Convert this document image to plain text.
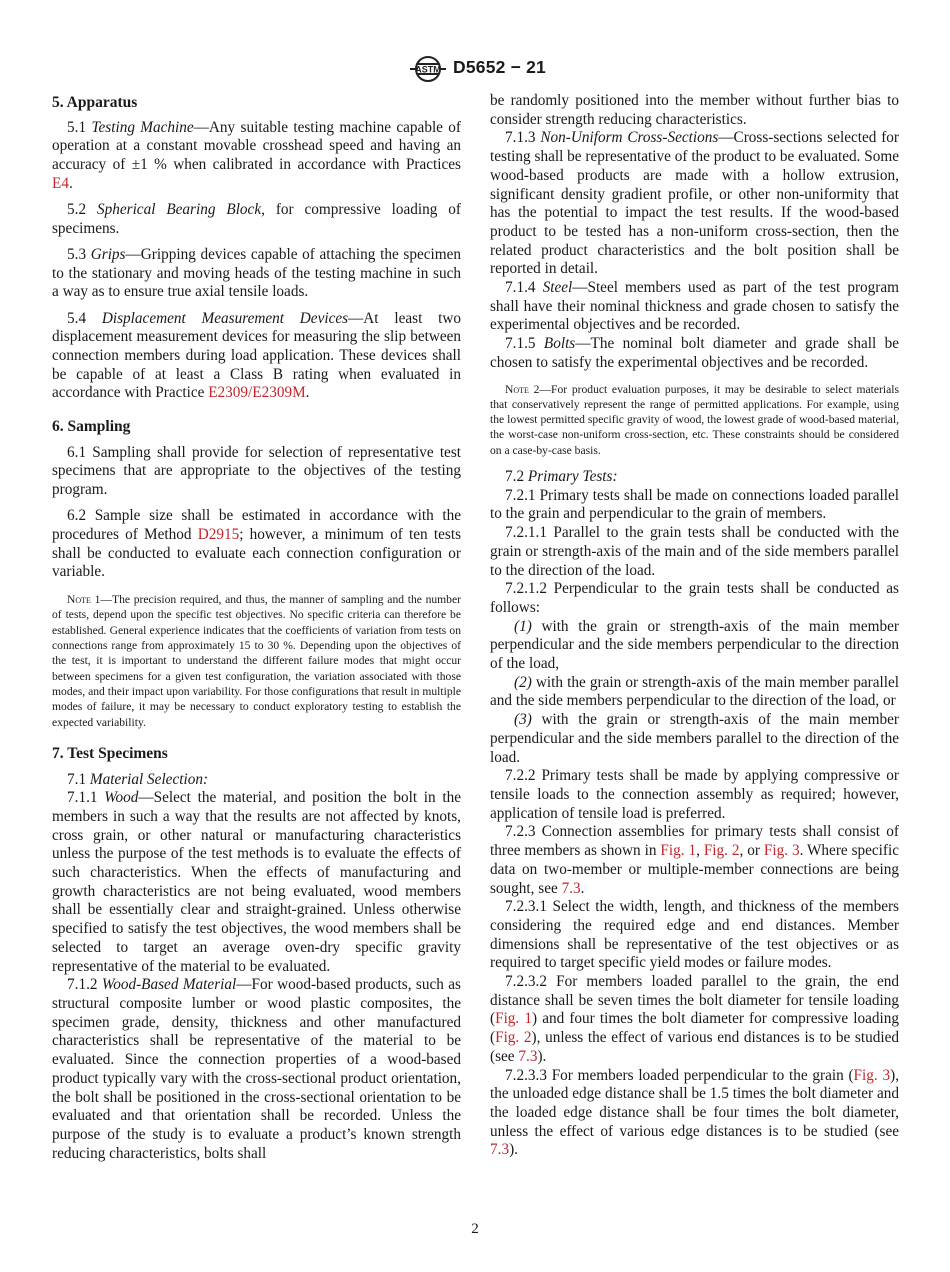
ASTM D5652 − 21
5. Apparatus

5.1 Testing Machine—Any suitable testing machine capable of operation at a constant movable crosshead speed and having an accuracy of ±1 % when calibrated in accordance with Practices E4.

5.2 Spherical Bearing Block, for compressive loading of specimens.

5.3 Grips—Gripping devices capable of attaching the specimen to the stationary and moving heads of the testing machine in such a way as to ensure true axial tensile loads.

5.4 Displacement Measurement Devices—At least two displacement measurement devices for measuring the slip between connection members during load application. These devices shall be capable of at least a Class B rating when evaluated in accordance with Practice E2309/E2309M.

6. Sampling

6.1 Sampling shall provide for selection of representative test specimens that are appropriate to the objectives of the testing program.

6.2 Sample size shall be estimated in accordance with the procedures of Method D2915; however, a minimum of ten tests shall be conducted to evaluate each connection configuration or variable.

Note 1—The precision required, and thus, the manner of sampling and the number of tests, depend upon the specific test objectives. No specific criteria can therefore be established. General experience indicates that the coefficients of variation from tests on connections range from approximately 15 to 30 %. Depending upon the objectives of the test, it is important to understand the different failure modes that might occur between specimens for a given test configuration, the variation associated with those modes, and their impact upon variability. For those configurations that result in multiple modes of failure, it may be necessary to conduct exploratory testing to establish the expected variability.

7. Test Specimens

7.1 Material Selection:

7.1.1 Wood—Select the material, and position the bolt in the members in such a way that the results are not affected by knots, cross grain, or other natural or manufacturing characteristics unless the purpose of the test methods is to evaluate the effects of such characteristics. When the effects of manufacturing and growth characteristics are not being evaluated, wood members shall be essentially clear and straight-grained. Unless otherwise specified to satisfy the test objectives, the wood members shall be selected to target an average oven-dry specific gravity representative of the material to be evaluated.

7.1.2 Wood-Based Material—For wood-based products, such as structural composite lumber or wood plastic composites, the specimen grade, density, thickness and other manufactured characteristics shall be representative of the material to be evaluated. Since the connection properties of a wood-based product typically vary with the cross-sectional product orientation, the bolt shall be positioned in the cross-sectional orientation to be evaluated and that orientation shall be recorded. Unless the purpose of the study is to evaluate a product’s known strength reducing characteristics, bolts shall

be randomly positioned into the member without further bias to consider strength reducing characteristics.

7.1.3 Non-Uniform Cross-Sections—Cross-sections selected for testing shall be representative of the product to be evaluated. Some wood-based products are made with a hollow extrusion, significant density gradient profile, or other non-uniformity that has the potential to impact the test results. If the wood-based product to be tested has a non-uniform cross-section, then the related product characteristics and the bolt position shall be reported in detail.

7.1.4 Steel—Steel members used as part of the test program shall have their nominal thickness and grade chosen to satisfy the experimental objectives and be recorded.

7.1.5 Bolts—The nominal bolt diameter and grade shall be chosen to satisfy the experimental objectives and be recorded.

Note 2—For product evaluation purposes, it may be desirable to select materials that conservatively represent the range of permitted applications. For example, using the lowest permitted specific gravity of wood, the lowest grade of wood-based material, the worst-case non-uniform cross-section, etc. These constraints should be considered on a case-by-case basis.

7.2 Primary Tests:

7.2.1 Primary tests shall be made on connections loaded parallel to the grain and perpendicular to the grain of members.

7.2.1.1 Parallel to the grain tests shall be conducted with the grain or strength-axis of the main and of the side members parallel to the direction of the load.

7.2.1.2 Perpendicular to the grain tests shall be conducted as follows:

(1) with the grain or strength-axis of the main member perpendicular and the side members perpendicular to the direction of the load,

(2) with the grain or strength-axis of the main member parallel and the side members perpendicular to the direction of the load, or

(3) with the grain or strength-axis of the main member perpendicular and the side members parallel to the direction of the load.

7.2.2 Primary tests shall be made by applying compressive or tensile loads to the connection assembly as required; however, application of tensile load is preferred.

7.2.3 Connection assemblies for primary tests shall consist of three members as shown in Fig. 1, Fig. 2, or Fig. 3. Where specific data on two-member or multiple-member connections are being sought, see 7.3.

7.2.3.1 Select the width, length, and thickness of the members considering the required edge and end distances. Member dimensions shall be representative of the test objectives or as required to target specific yield modes or failure modes.

7.2.3.2 For members loaded parallel to the grain, the end distance shall be seven times the bolt diameter for tensile loading (Fig. 1) and four times the bolt diameter for compressive loading (Fig. 2), unless the effect of various end distances is to be studied (see 7.3).

7.2.3.3 For members loaded perpendicular to the grain (Fig. 3), the unloaded edge distance shall be 1.5 times the bolt diameter and the loaded edge distance shall be four times the bolt diameter, unless the effect of various edge distances is to be studied (see 7.3).

2
